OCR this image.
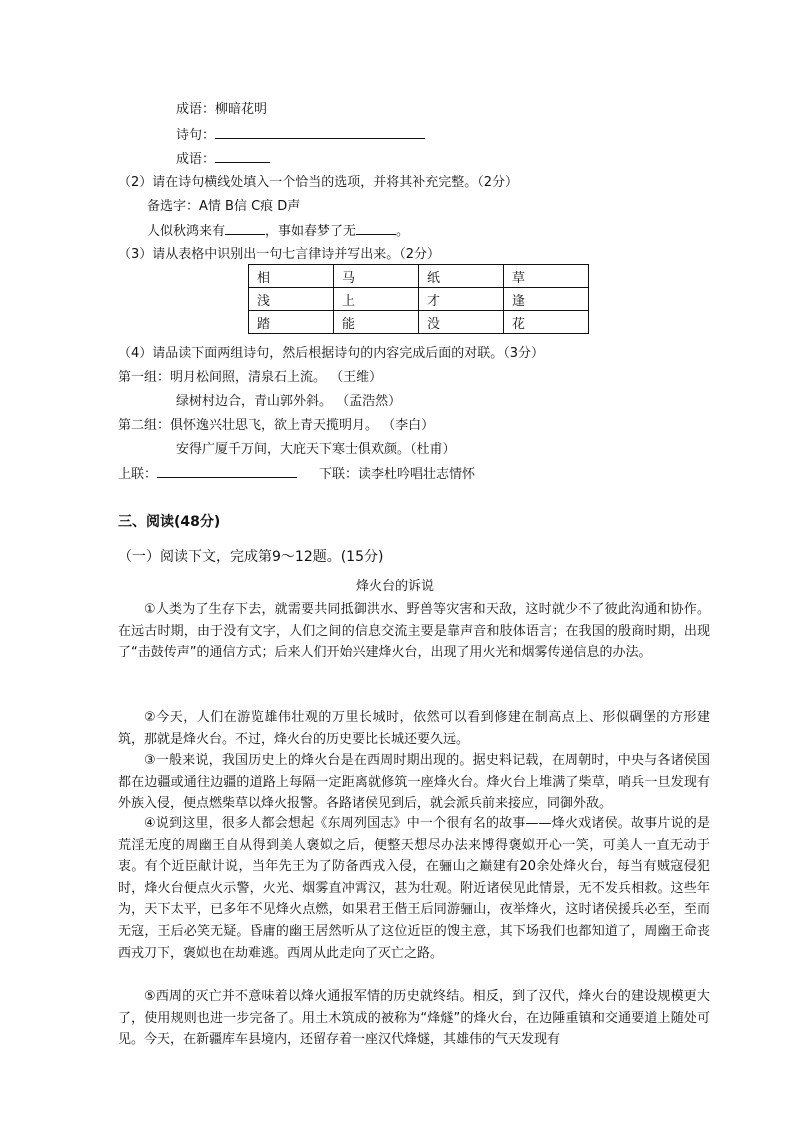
成语：柳暗花明
诗句：
成语：
（2）请在诗句横线处填入一个恰当的选项，并将其补充完整。（2分）
备选字：A情 B信 C痕 D声
人似秋鸿来有	，事如春梦了无	。
（3）请从表格中识别出一句七言律诗并写出来。（2分）
相	马	纸	草
浅	上	才	逢
踏	能	没	花
（4）请品读下面两组诗句，然后根据诗句的内容完成后面的对联。（3分）
第一组：明月松间照，清泉石上流。 （王维）
绿树村边合，青山郭外斜。 （孟浩然）
第二组：俱怀逸兴壮思飞，欲上青天揽明月。 （李白）
安得广厦千万间，大庇天下寒士俱欢颜。（杜甫）
上联：	下联：读李杜吟唱壮志情怀
三、阅读(48分)
（一）阅读下文，完成第9～12题。(15分)
烽火台的诉说
①人类为了生存下去，就需要共同抵御洪水、野兽等灾害和天敌，这时就少不了彼此沟通和协作。在远古时期，由于没有文字，人们之间的信息交流主要是靠声音和肢体语言；在我国的殷商时期，出现了“击鼓传声”的通信方式；后来人们开始兴建烽火台，出现了用火光和烟雾传递信息的办法。
②今天，人们在游览雄伟壮观的万里长城时，依然可以看到修建在制高点上、形似碉堡的方形建筑，那就是烽火台。不过，烽火台的历史要比长城还要久远。
③一般来说，我国历史上的烽火台是在西周时期出现的。据史料记载，在周朝时，中央与各诸侯国都在边疆或通往边疆的道路上每隔一定距离就修筑一座烽火台。烽火台上堆满了柴草，哨兵一旦发现有外族入侵，便点燃柴草以烽火报警。各路诸侯见到后，就会派兵前来接应，同御外敌。
④说到这里，很多人都会想起《东周列国志》中一个很有名的故事——烽火戏诸侯。故事片说的是荒淫无度的周幽王自从得到美人褒姒之后，便整天想尽办法来博得褒姒开心一笑，可美人一直无动于衷。有个近臣献计说，当年先王为了防备西戎入侵，在骊山之巅建有20余处烽火台，每当有贼寇侵犯时，烽火台便点火示警，火光、烟雾直冲霄汉，甚为壮观。附近诸侯见此情景，无不发兵相救。这些年为，天下太平，已多年不见烽火点燃，如果君王偕王后同游骊山，夜举烽火，这时诸侯援兵必至，至而无寇，王后必笑无疑。昏庸的幽王居然听从了这位近臣的馊主意，其下场我们也都知道了，周幽王命丧西戎刀下，褒姒也在劫难逃。西周从此走向了灭亡之路。
⑤西周的灭亡并不意味着以烽火通报军情的历史就终结。相反，到了汉代，烽火台的建设规模更大了，使用规则也进一步完备了。用土木筑成的被称为“烽燧”的烽火台，在边陲重镇和交通要道上随处可见。今天，在新疆库车县境内，还留存着一座汉代烽燧，其雄伟的气天发现有
